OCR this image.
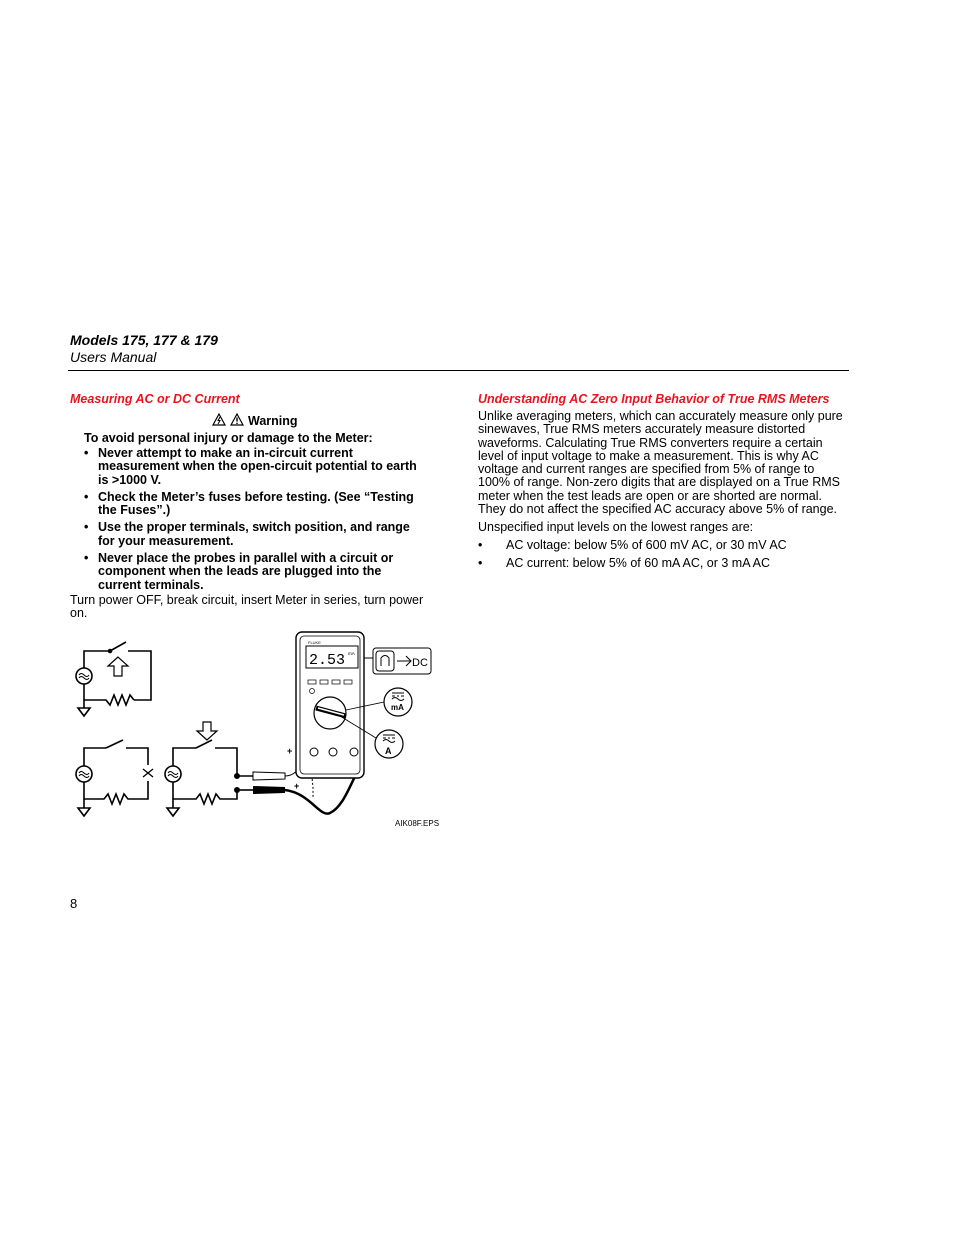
Models 175, 177 & 179
Users Manual
Measuring AC or DC Current
Warning
To avoid personal injury or damage to the Meter:
• Never attempt to make an in-circuit current measurement when the open-circuit potential to earth is >1000 V.
• Check the Meter’s fuses before testing. (See “Testing the Fuses”.)
• Use the proper terminals, switch position, and range for your measurement.
• Never place the probes in parallel with a circuit or component when the leads are plugged into the current terminals.
Turn power OFF, break circuit, insert Meter in series, turn power on.
+
+
FLUKE
2.53 mA
DC
mA
A
AIK08F.EPS
Understanding AC Zero Input Behavior of True RMS Meters
Unlike averaging meters, which can accurately measure only pure sinewaves, True RMS meters accurately measure distorted waveforms. Calculating True RMS converters require a certain level of input voltage to make a measurement. This is why AC voltage and current ranges are specified from 5% of range to 100% of range. Non-zero digits that are displayed on a True RMS meter when the test leads are open or are shorted are normal. They do not affect the specified AC accuracy above 5% of range.
Unspecified input levels on the lowest ranges are:
• AC voltage: below 5% of 600 mV AC, or 30 mV AC
• AC current: below 5% of 60 mA AC, or 3 mA AC
8
